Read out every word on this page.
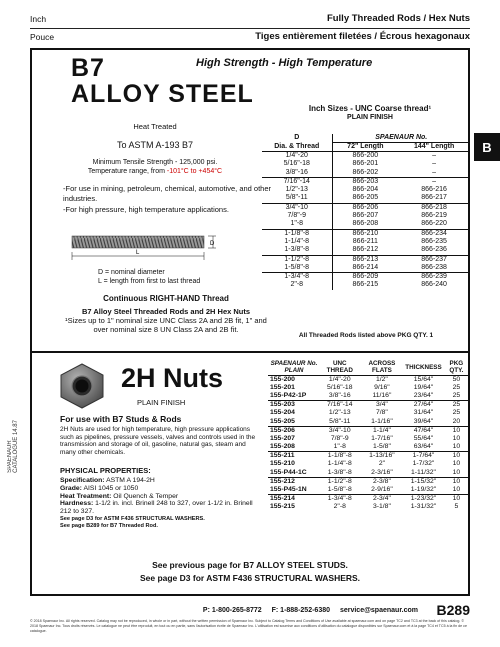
Inch	Fully Threaded Rods / Hex Nuts
Pouce	Tiges entièrement filetées / Écrous hexagonaux
B
SPAENAUR CATALOGUE 14.87
B7
ALLOY STEEL
High Strength - High Temperature
Heat Treated
To ASTM A-193 B7
Minimum Tensile Strength - 125,000 psi.
Temperature range, from -101°C to +454°C
-For use in mining, petroleum, chemical, automotive, and other industries.
-For high pressure, high temperature applications.
D
L
D = nominal diameter
L = length from first to last thread
Continuous RIGHT-HAND Thread
B7 Alloy Steel Threaded Rods and 2H Hex Nuts
¹Sizes up to 1" nominal size UNC Class 2A and 2B fit, 1" and over nominal size 8 UN Class 2A and 2B fit.
Inch Sizes - UNC Coarse thread¹
PLAIN FINISH
D	SPAENAUR No.	
Dia. & Thread	72" Length	144" Length
1/4"-20	866-200	–
5/16"-18	866-201	–
3/8"-16	866-202	–
7/16"-14	866-203	–
1/2"-13	866-204	866-216
5/8"-11	866-205	866-217
3/4"-10	866-206	866-218
7/8"-9	866-207	866-219
1"-8	866-208	866-220
1-1/8"-8	866-210	866-234
1-1/4"-8	866-211	866-235
1-3/8"-8	866-212	866-236
1-1/2"-8	866-213	866-237
1-5/8"-8	866-214	866-238
1-3/4"-8	866-209	866-239
2"-8	866-215	866-240
All Threaded Rods listed above PKG QTY. 1
2H Nuts
PLAIN FINISH
For use with B7 Studs & Rods
2H Nuts are used for high temperature, high pressure applications such as pipelines, pressure vessels, valves and controls used in the transmission and storage of oil, gasoline, natural gas, steam and many other chemicals.
PHYSICAL PROPERTIES:
Specification: ASTM A 194-2H
Grade: AISI 1045 or 1050
Heat Treatment: Oil Quench & Temper
Hardness: 1-1/2 in. incl. Brinell 248 to 327, over 1-1/2 in. Brinell 212 to 327.
See page D3 for ASTM F436 STRUCTURAL WASHERS.
See page B289 for B7 Threaded Rod.
SPAENAUR No. PLAIN	UNC THREAD	ACROSS FLATS	THICKNESS	PKG QTY.
155-200	1/4"-20	1/2"	15/64"	50
155-201	5/16"-18	9/16"	19/64"	25
155-P42-1P	3/8"-16	11/16"	23/64"	25
155-203	7/16"-14	3/4"	27/64"	25
155-204	1/2"-13	7/8"	31/64"	25
155-205	5/8"-11	1-1/16"	39/64"	20
155-206	3/4"-10	1-1/4"	47/64"	10
155-207	7/8"-9	1-7/16"	55/64"	10
155-208	1"-8	1-5/8"	63/64"	10
155-211	1-1/8"-8	1-13/16"	1-7/64"	10
155-210	1-1/4"-8	2"	1-7/32"	10
155-P44-1C	1-3/8"-8	2-3/16"	1-11/32"	10
155-212	1-1/2"-8	2-3/8"	1-15/32"	10
155-P45-1N	1-5/8"-8	2-9/16"	1-19/32"	10
155-214	1-3/4"-8	2-3/4"	1-23/32"	10
155-215	2"-8	3-1/8"	1-31/32"	5
See previous page for B7 ALLOY STEEL STUDS.
See page D3 for ASTM F436 STRUCTURAL WASHERS.
P: 1-800-265-8772 F: 1-888-252-6380 service@spaenaur.com B289
© 2018 Spaenaur Inc. All rights reserved. Catalog may not be reproduced, in whole or in part, without the written permission of Spaenaur Inc. Subject to Catalog Terms and Conditions of Use available at spaenaur.com and on page TC2 and TC3 at the back of this catalog. © 2018 Spaenaur Inc. Tous droits réservés. Le catalogue ne peut être reproduit, en tout ou en partie, sans l'autorisation écrite de Spaenaur Inc. L'utilisation est soumise aux conditions d'utilisation du catalogue disponibles sur Spaenaur.com et à la page TC4 et TC5 à la fin de ce catalogue.
